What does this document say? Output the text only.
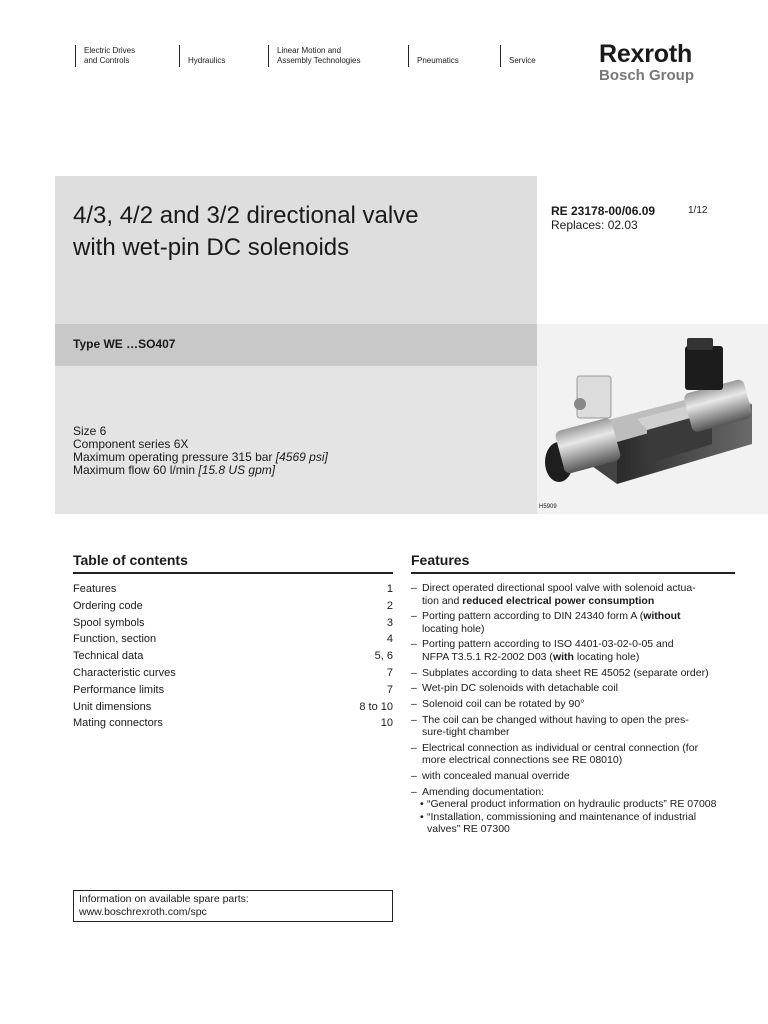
Electric Drives
and Controls	Hydraulics
Linear Motion and
Assembly Technologies	Pneumatics	Service	Rexroth
Bosch Group
4/3, 4/2 and 3/2 directional valve
with wet-pin DC solenoids
RE 23178-00/06.09	1/12
Replaces: 02.03
Type WE …SO407
Size 6
Component series 6X
Maximum operating pressure 315 bar [4569 psi]
Maximum flow 60 l/min [15.8 US gpm]
H5909
Table of contents
Features	1
Ordering code	2
Spool symbols	3
Function, section	4
Technical data	5, 6
Characteristic curves	7
Performance limits	7
Unit dimensions	8 to 10
Mating connectors	10
Features
– Direct operated directional spool valve with solenoid actua-
tion and reduced electrical power consumption
– Porting pattern according to DIN 24340 form A (without
locating hole)
– Porting pattern according to ISO 4401-03-02-0-05 and
NFPA T3.5.1 R2-2002 D03 (with locating hole)
– Subplates according to data sheet RE 45052 (separate order)
– Wet-pin DC solenoids with detachable coil
– Solenoid coil can be rotated by 90°
– The coil can be changed without having to open the pres-
sure-tight chamber
– Electrical connection as individual or central connection (for
more electrical connections see RE 08010)
– with concealed manual override
– Amending documentation:
• “General product information on hydraulic products” RE 07008
• “Installation, commissioning and maintenance of industrial
valves” RE 07300
Information on available spare parts:
www.boschrexroth.com/spc
